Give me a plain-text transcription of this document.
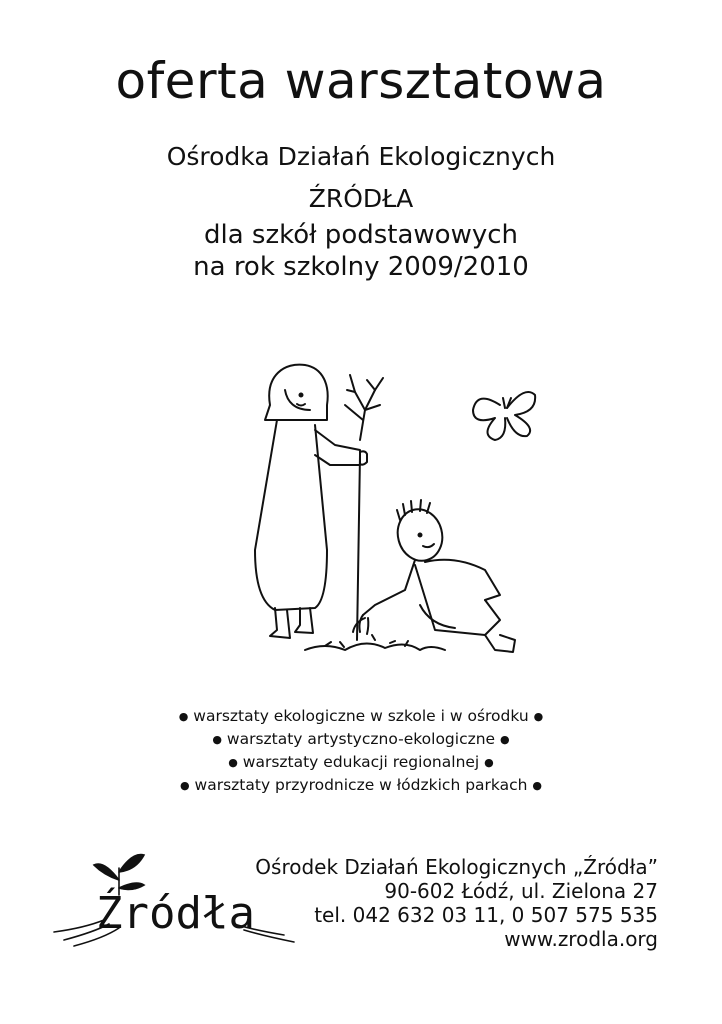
oferta warsztatowa
Ośrodka Działań Ekologicznych
ŹRÓDŁA
dla szkół podstawowych
na rok szkolny 2009/2010
● warsztaty ekologiczne w szkole i w ośrodku ●
● warsztaty artystyczno-ekologiczne ●
● warsztaty edukacji regionalnej ●
● warsztaty przyrodnicze w łódzkich parkach ●
Źródła
Ośrodek Działań Ekologicznych „Źródła”
90-602 Łódź, ul. Zielona 27
tel. 042 632 03 11, 0 507 575 535
www.zrodla.org
